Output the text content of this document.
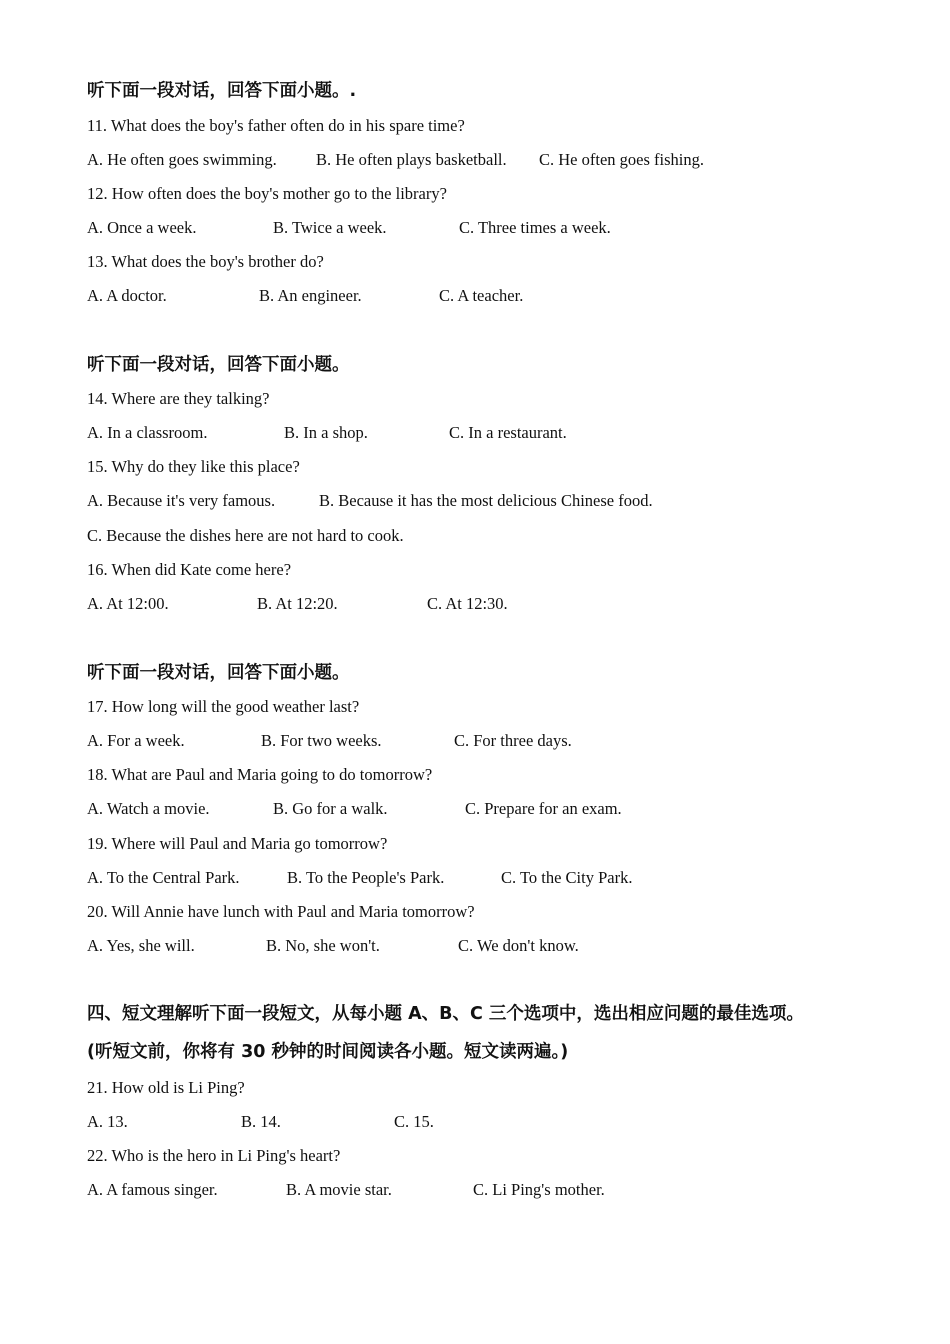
听下面一段对话，回答下面小题。.
11. What does the boy's father often do in his spare time?
A. He often goes swimming. B. He often plays basketball. C. He often goes fishing.
12. How often does the boy's mother go to the library?
A. Once a week.	B. Twice a week.	C. Three times a week.
13. What does the boy's brother do?
A. A doctor.	B. An engineer.	C. A teacher.
听下面一段对话，回答下面小题。
14. Where are they talking?
A. In a classroom.	B. In a shop.	C. In a restaurant.
15. Why do they like this place?
A. Because it's very famous.	B. Because it has the most delicious Chinese food.
C. Because the dishes here are not hard to cook.
16. When did Kate come here?
A. At 12:00.	B. At 12:20.	C. At 12:30.
听下面一段对话，回答下面小题。
17. How long will the good weather last?
A. For a week.	B. For two weeks.	C. For three days.
18. What are Paul and Maria going to do tomorrow?
A. Watch a movie.	B. Go for a walk.	C. Prepare for an exam.
19. Where will Paul and Maria go tomorrow?
A. To the Central Park.	B. To the People's Park.	C. To the City Park.
20. Will Annie have lunch with Paul and Maria tomorrow?
A. Yes, she will.	B. No, she won't.	C. We don't know.
四、短文理解听下面一段短文，从每小题 A、B、C 三个选项中，选出相应问题的最佳选项。
(听短文前，你将有 30 秒钟的时间阅读各小题。短文读两遍。)
21. How old is Li Ping?
A. 13.	B. 14.	C. 15.
22. Who is the hero in Li Ping's heart?
A. A famous singer.	B. A movie star.	C. Li Ping's mother.
